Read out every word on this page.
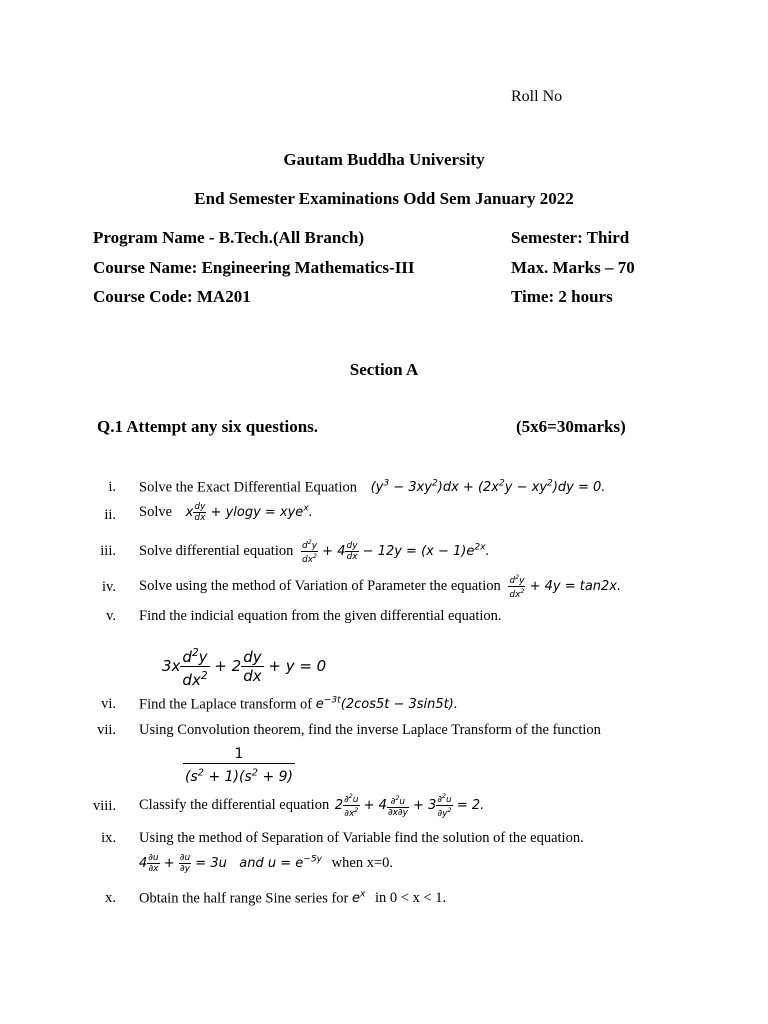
Roll No
Gautam Buddha University
End Semester Examinations Odd Sem January 2022
Program Name - B.Tech.(All Branch)	Semester: Third
Course Name: Engineering Mathematics-III	Max. Marks – 70
Course Code: MA201	Time: 2 hours
Section A
Q.1 Attempt any six questions.	(5x6=30marks)
i. Solve the Exact Differential Equation $(y^3 - 3xy^2)dx + (2x^2y - xy^2)dy = 0$.
ii. Solve x $\frac{dy}{dx} + ylogy = xye^x$.
iii. Solve differential equation $\frac{d^2y}{dx^2} + 4 \frac{dy}{dx} - 12y = (x - 1)e^{2x}$.
iv. Solve using the method of Variation of Parameter the equation $\frac{d^2y}{dx^2} + 4y = \tan 2x$.
v. Find the indicial equation from the given differential equation.
$3x \frac{d^2y}{dx^2} + 2 \frac{dy}{dx} + y = 0$
vi. Find the Laplace transform of $e^{-3t}(2\cos 5t - 3\sin 5t)$.
vii. Using Convolution theorem, find the inverse Laplace Transform of the function
$\frac{1}{(s^2 + 1)(s^2 + 9)}$
viii. Classify the differential equation $2 \frac{\partial^2u}{\partial x^2} + 4 \frac{\partial^2u}{\partial x\partial y} + 3 \frac{\partial^2u}{\partial y^2} = 2$.
ix. Using the method of Separation of Variable find the solution of the equation.
$4 \frac{\partial u}{\partial x} + \frac{\partial u}{\partial y} = 3u$   and $u = e^{-5y}$ when x=0.
x. Obtain the half range Sine series for $e^x$ in 0 < x < 1.
